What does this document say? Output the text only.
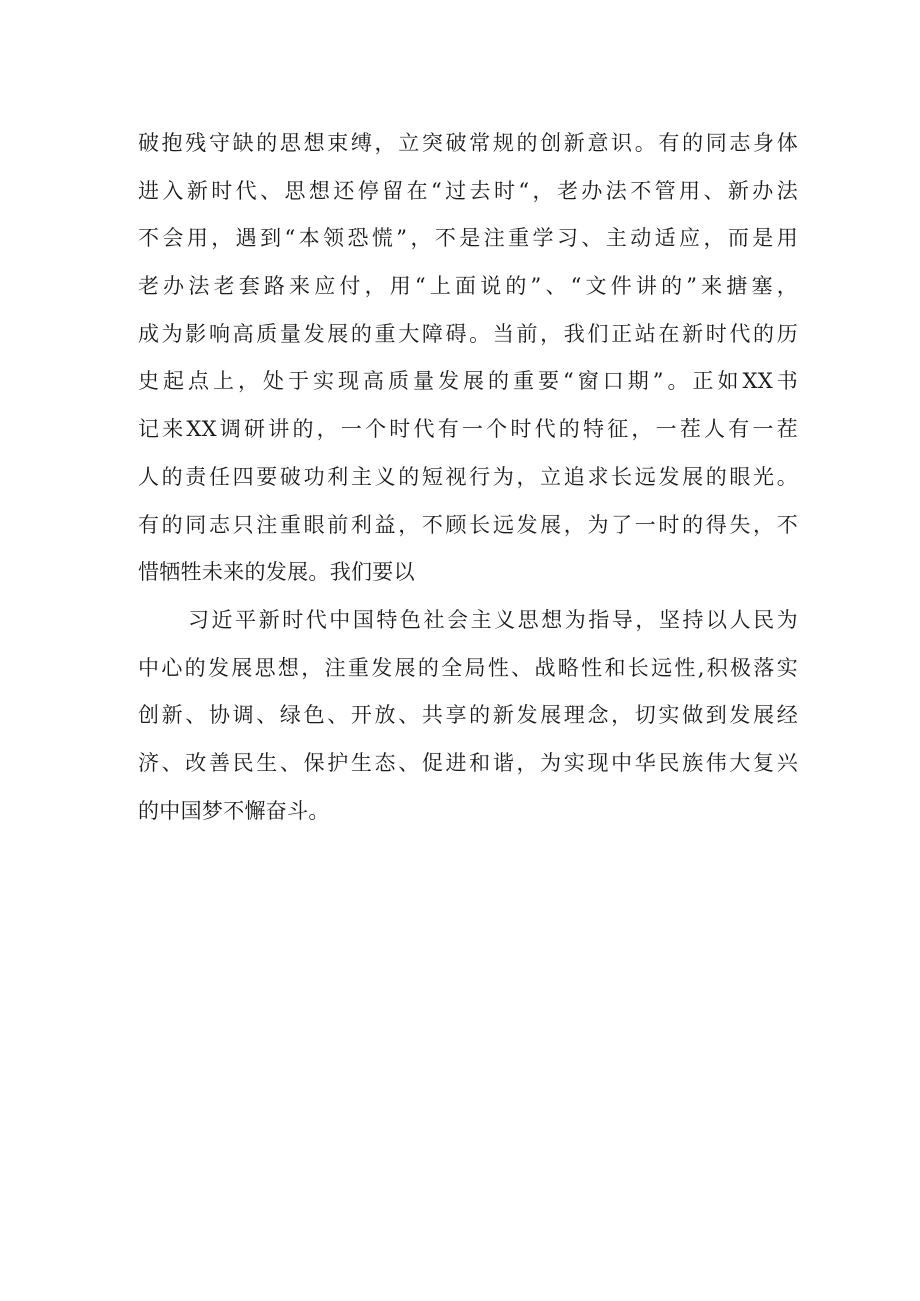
破抱残守缺的思想束缚，立突破常规的创新意识。有的同志身体
进入新时代、思想还停留在“过去时“，老办法不管用、新办法
不会用，遇到“本领恐慌”，不是注重学习、主动适应，而是用
老办法老套路来应付，用“上面说的”、“文件讲的”来搪塞，
成为影响高质量发展的重大障碍。当前，我们正站在新时代的历
史起点上，处于实现高质量发展的重要“窗口期”。正如XX书
记来XX调研讲的，一个时代有一个时代的特征，一茬人有一茬
人的责任四要破功利主义的短视行为，立追求长远发展的眼光。
有的同志只注重眼前利益，不顾长远发展，为了一时的得失，不
惜牺牲未来的发展。我们要以
习近平新时代中国特色社会主义思想为指导，坚持以人民为
中心的发展思想，注重发展的全局性、战略性和长远性,积极落实
创新、协调、绿色、开放、共享的新发展理念，切实做到发展经
济、改善民生、保护生态、促进和谐，为实现中华民族伟大复兴
的中国梦不懈奋斗。
